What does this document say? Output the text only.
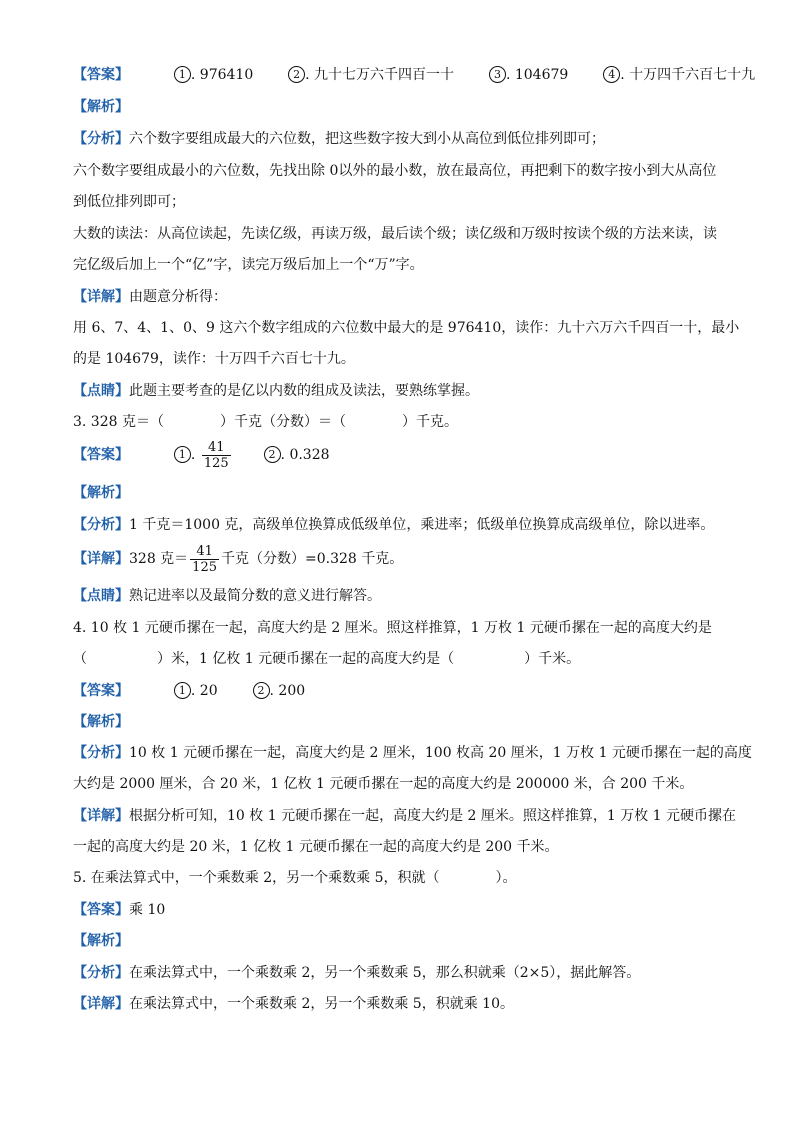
【答案】	1 . 976410	2 . 九十七万六千四百一十	3 . 104679	4 . 十万四千六百七十九
【解析】
【分析】六个数字要组成最大的六位数，把这些数字按大到小从高位到低位排列即可；
六个数字要组成最小的六位数，先找出除 0以外的最小数，放在最高位，再把剩下的数字按小到大从高位
到低位排列即可；
大数的读法：从高位读起，先读亿级，再读万级，最后读个级；读亿级和万级时按读个级的方法来读，读
完亿级后加上一个“亿”字，读完万级后加上一个“万”字。
【详解】由题意分析得：
用 6、7、4、1、0、9 这六个数字组成的六位数中最大的是 976410，读作：九十六万六千四百一十，最小
的是 104679，读作：十万四千六百七十九。
【点睛】此题主要考查的是亿以内数的组成及读法，要熟练掌握。
3. 328 克＝（　　　　）千克（分数）＝（　　　　）千克。
【答案】	1 . $\frac{41}{125}$	2 . 0.328
【解析】
【分析】1 千克＝1000 克，高级单位换算成低级单位，乘进率；低级单位换算成高级单位，除以进率。
【详解】328 克＝ $\frac{41}{125}$ 千克（分数）=0.328 千克。
【点睛】熟记进率以及最简分数的意义进行解答。
4. 10 枚 1 元硬币摞在一起，高度大约是 2 厘米。照这样推算，1 万枚 1 元硬币摞在一起的高度大约是
（　　　　　）米，1 亿枚 1 元硬币摞在一起的高度大约是（　　　　　）千米。
【答案】	1 . 20	2 . 200
【解析】
【分析】10 枚 1 元硬币摞在一起，高度大约是 2 厘米，100 枚高 20 厘米，1 万枚 1 元硬币摞在一起的高度
大约是 2000 厘米，合 20 米，1 亿枚 1 元硬币摞在一起的高度大约是 200000 米，合 200 千米。
【详解】根据分析可知，10 枚 1 元硬币摞在一起，高度大约是 2 厘米。照这样推算，1 万枚 1 元硬币摞在
一起的高度大约是 20 米，1 亿枚 1 元硬币摞在一起的高度大约是 200 千米。
5. 在乘法算式中，一个乘数乘 2，另一个乘数乘 5，积就（　　　　）。
【答案】乘 10
【解析】
【分析】在乘法算式中，一个乘数乘 2，另一个乘数乘 5，那么积就乘（2×5），据此解答。
【详解】在乘法算式中，一个乘数乘 2，另一个乘数乘 5，积就乘 10。
